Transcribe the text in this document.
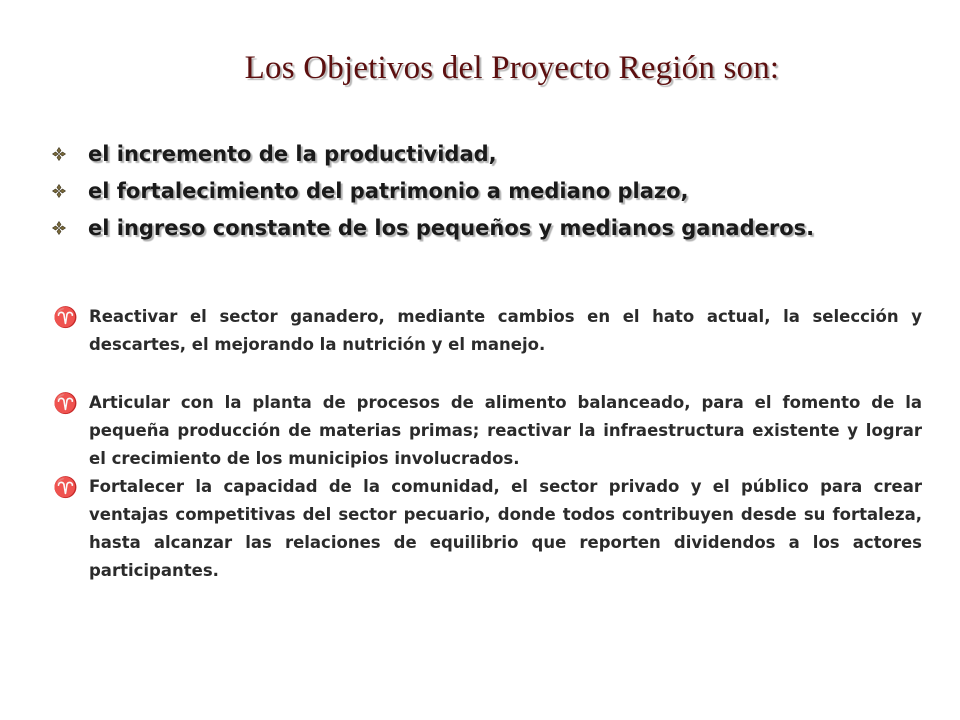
Los Objetivos del Proyecto Región son:
el incremento de la productividad,
el fortalecimiento del patrimonio a mediano plazo,
el ingreso constante de los pequeños y medianos ganaderos.
♈ Reactivar el sector ganadero, mediante cambios en el hato actual, la selección y descartes, el mejorando la nutrición y el manejo.
♈ Articular con la planta de procesos de alimento balanceado, para el fomento de la pequeña producción de materias primas; reactivar la infraestructura existente y lograr el crecimiento de los municipios involucrados.
♈ Fortalecer la capacidad de la comunidad, el sector privado y el público para crear ventajas competitivas del sector pecuario, donde todos contribuyen desde su fortaleza, hasta alcanzar las relaciones de equilibrio que reporten dividendos a los actores participantes.
